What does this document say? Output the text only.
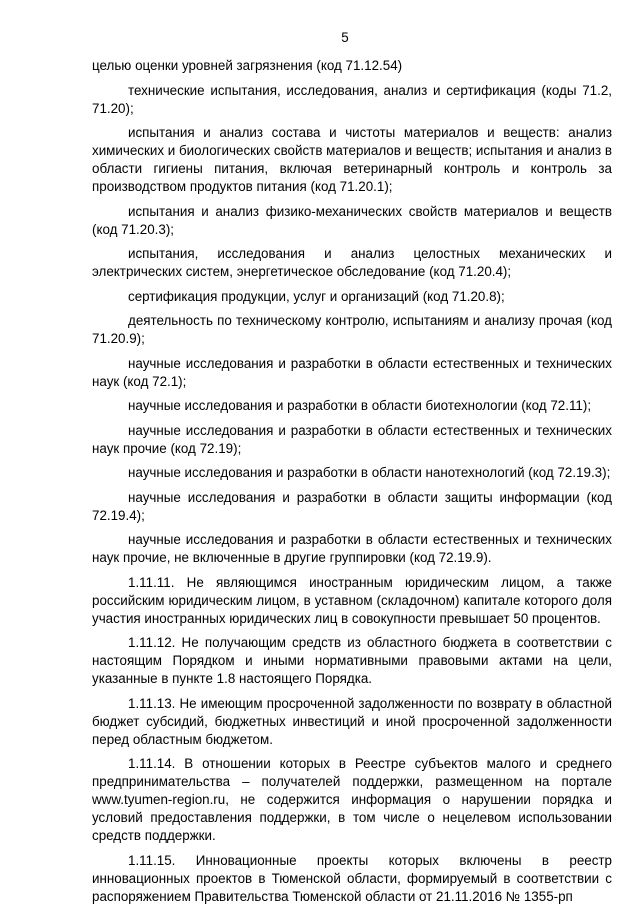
5

целью оценки уровней загрязнения (код 71.12.54)

технические испытания, исследования, анализ и сертификация (коды 71.2, 71.20);

испытания и анализ состава и чистоты материалов и веществ: анализ химических и биологических свойств материалов и веществ; испытания и анализ в области гигиены питания, включая ветеринарный контроль и контроль за производством продуктов питания (код 71.20.1);

испытания и анализ физико-механических свойств материалов и веществ (код 71.20.3);

испытания, исследования и анализ целостных механических и электрических систем, энергетическое обследование (код 71.20.4);

сертификация продукции, услуг и организаций (код 71.20.8);

деятельность по техническому контролю, испытаниям и анализу прочая (код 71.20.9);

научные исследования и разработки в области естественных и технических наук (код 72.1);

научные исследования и разработки в области биотехнологии (код 72.11);

научные исследования и разработки в области естественных и технических наук прочие (код 72.19);

научные исследования и разработки в области нанотехнологий (код 72.19.3);

научные исследования и разработки в области защиты информации (код 72.19.4);

научные исследования и разработки в области естественных и технических наук прочие, не включенные в другие группировки (код 72.19.9).

1.11.11. Не являющимся иностранным юридическим лицом, а также российским юридическим лицом, в уставном (складочном) капитале которого доля участия иностранных юридических лиц в совокупности превышает 50 процентов.

1.11.12. Не получающим средств из областного бюджета в соответствии с настоящим Порядком и иными нормативными правовыми актами на цели, указанные в пункте 1.8 настоящего Порядка.

1.11.13. Не имеющим просроченной задолженности по возврату в областной бюджет субсидий, бюджетных инвестиций и иной просроченной задолженности перед областным бюджетом.

1.11.14. В отношении которых в Реестре субъектов малого и среднего предпринимательства – получателей поддержки, размещенном на портале www.tyumen-region.ru, не содержится информация о нарушении порядка и условий предоставления поддержки, в том числе о нецелевом использовании средств поддержки.

1.11.15. Инновационные проекты которых включены в реестр инновационных проектов в Тюменской области, формируемый в соответствии с распоряжением Правительства Тюменской области от 21.11.2016 № 1355-рп
